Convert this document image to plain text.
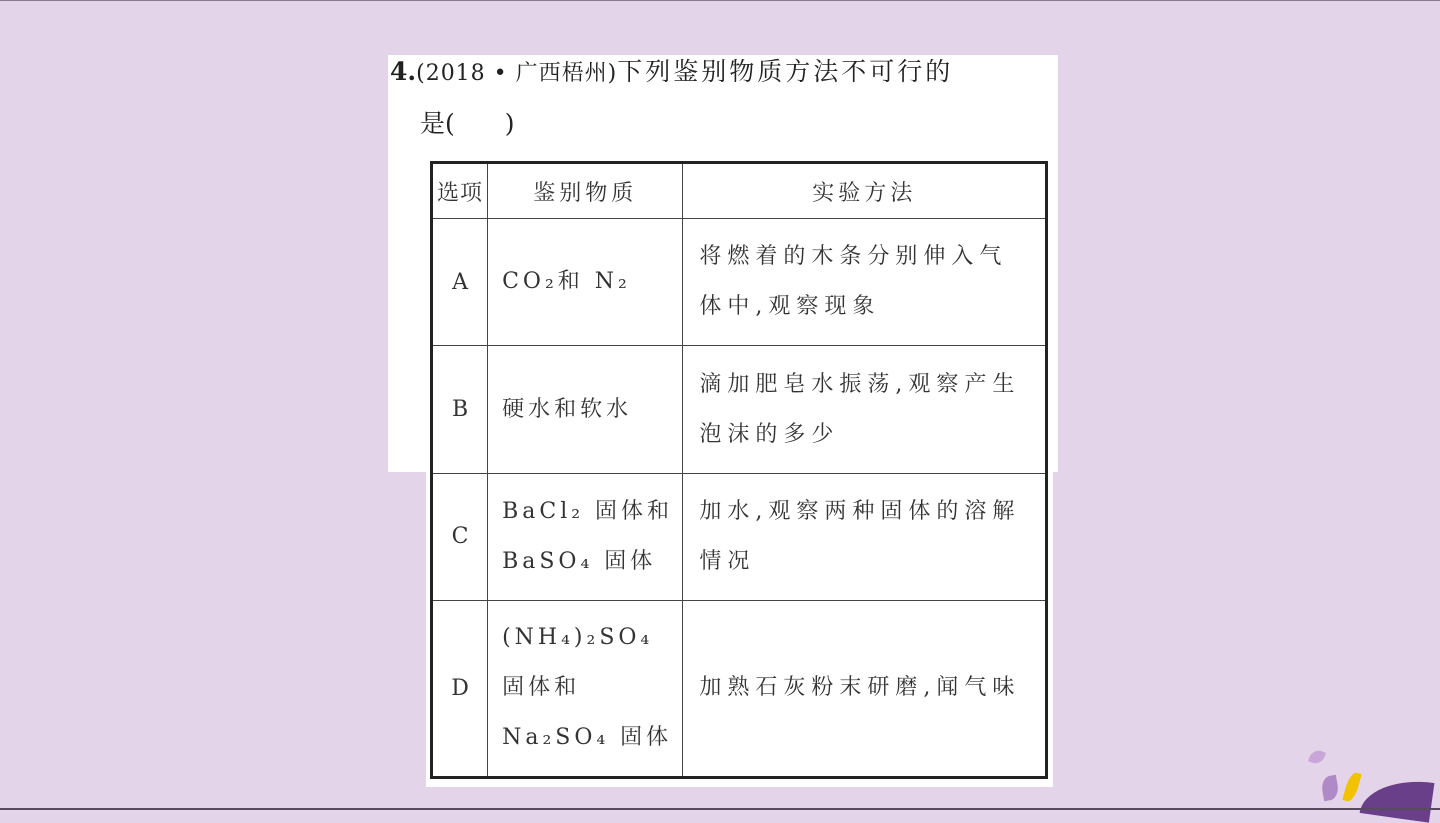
4.(2018 • 广西梧州)下列鉴别物质方法不可行的
是(　　)
选项	鉴别物质	实验方法
A	CO₂和 N₂	将燃着的木条分别伸入气体中,观察现象
B	硬水和软水	滴加肥皂水振荡,观察产生泡沫的多少
C	BaCl₂ 固体和BaSO₄ 固体	加水,观察两种固体的溶解情况
D	(NH₄)₂SO₄ 固体和Na₂SO₄ 固体	加熟石灰粉末研磨,闻气味
